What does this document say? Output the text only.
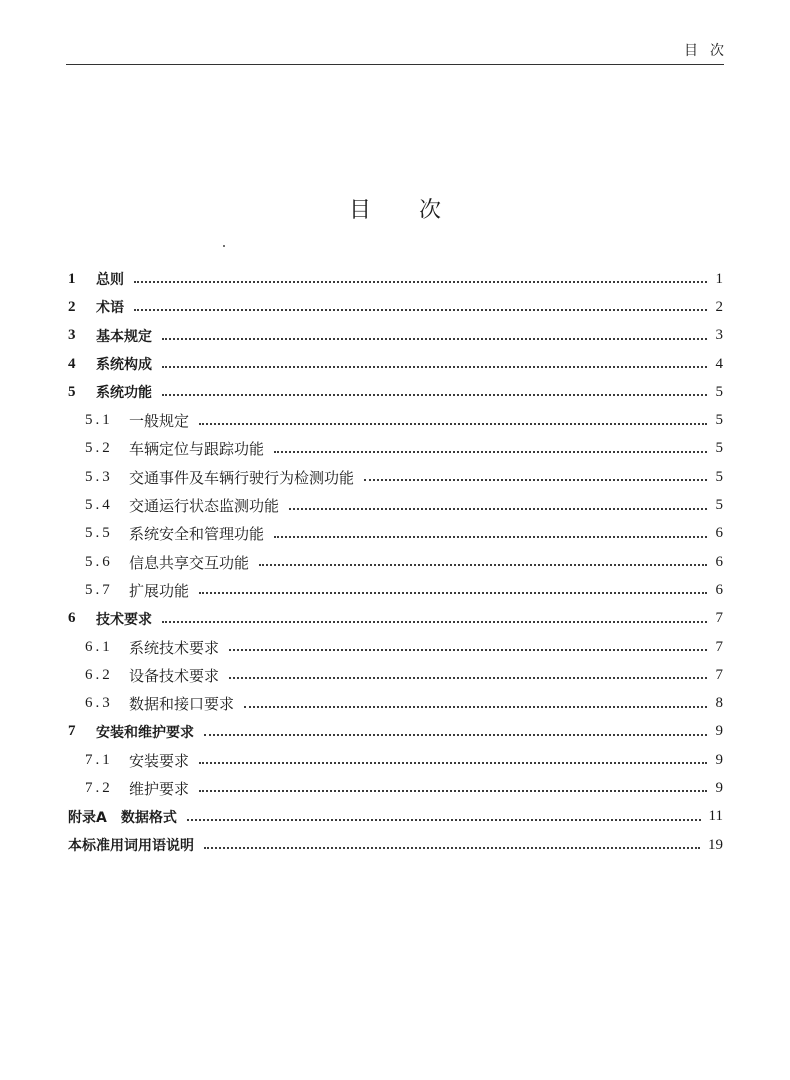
目次
目次
1	总则	1
2	术语	2
3	基本规定	3
4	系统构成	4
5	系统功能	5
5.1	一般规定	5
5.2	车辆定位与跟踪功能	5
5.3	交通事件及车辆行驶行为检测功能	5
5.4	交通运行状态监测功能	5
5.5	系统安全和管理功能	6
5.6	信息共享交互功能	6
5.7	扩展功能	6
6	技术要求	7
6.1	系统技术要求	7
6.2	设备技术要求	7
6.3	数据和接口要求	8
7	安装和维护要求	9
7.1	安装要求	9
7.2	维护要求	9
附录A 数据格式	11
本标准用词用语说明	19
